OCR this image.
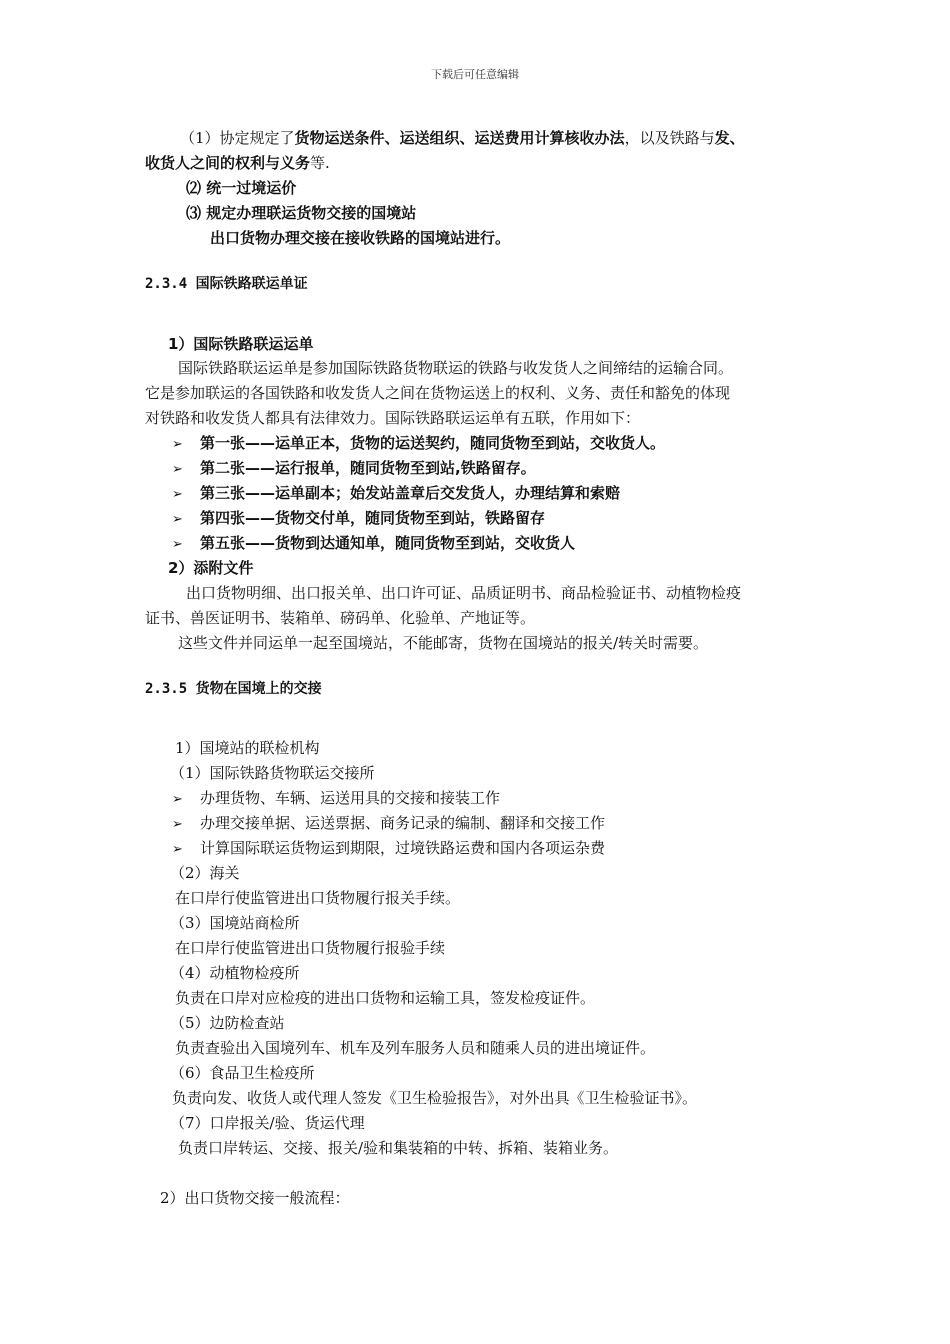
下载后可任意编辑
（1）协定规定了货物运送条件、运送组织、运送费用计算核收办法，以及铁路与发、
收货人之间的权利与义务等.
⑵ 统一过境运价
⑶ 规定办理联运货物交接的国境站
出口货物办理交接在接收铁路的国境站进行。
2.3.4 国际铁路联运单证
1）国际铁路联运运单
国际铁路联运运单是参加国际铁路货物联运的铁路与收发货人之间缔结的运输合同。
它是参加联运的各国铁路和收发货人之间在货物运送上的权利、义务、责任和豁免的体现
对铁路和收发货人都具有法律效力。国际铁路联运运单有五联，作用如下：
➢ 第一张——运单正本，货物的运送契约，随同货物至到站，交收货人。
➢ 第二张——运行报单，随同货物至到站,铁路留存。
➢ 第三张——运单副本；始发站盖章后交发货人，办理结算和索赔
➢ 第四张——货物交付单，随同货物至到站，铁路留存
➢ 第五张——货物到达通知单，随同货物至到站，交收货人
2）添附文件
出口货物明细、出口报关单、出口许可证、品质证明书、商品检验证书、动植物检疫
证书、兽医证明书、装箱单、磅码单、化验单、产地证等。
这些文件并同运单一起至国境站，不能邮寄，货物在国境站的报关/转关时需要。
2.3.5 货物在国境上的交接
1）国境站的联检机构
（1）国际铁路货物联运交接所
➢ 办理货物、车辆、运送用具的交接和接装工作
➢ 办理交接单据、运送票据、商务记录的编制、翻译和交接工作
➢ 计算国际联运货物运到期限，过境铁路运费和国内各项运杂费
（2）海关
在口岸行使监管进出口货物履行报关手续。
（3）国境站商检所
在口岸行使监管进出口货物履行报验手续
（4）动植物检疫所
负责在口岸对应检疫的进出口货物和运输工具，签发检疫证件。
（5）边防检查站
负责查验出入国境列车、机车及列车服务人员和随乘人员的进出境证件。
（6）食品卫生检疫所
负责向发、收货人或代理人签发《卫生检验报告》，对外出具《卫生检验证书》。
（7）口岸报关/验、货运代理
负责口岸转运、交接、报关/验和集装箱的中转、拆箱、装箱业务。
2）出口货物交接一般流程：
